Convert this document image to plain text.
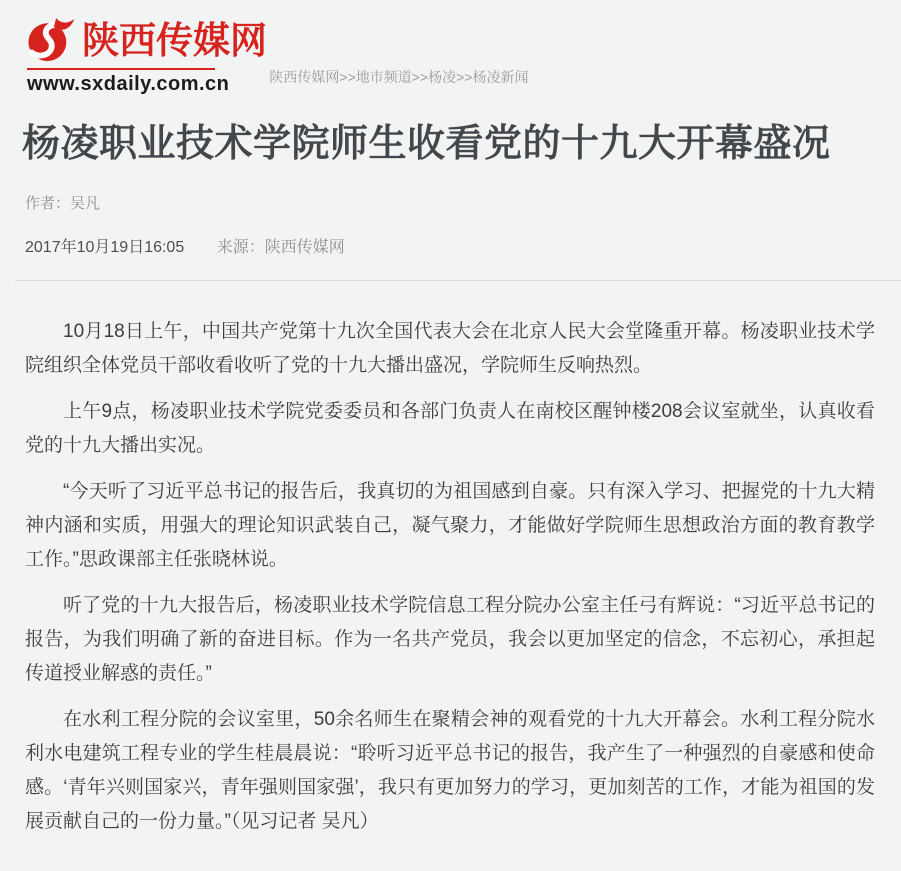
陕西传媒网
www.sxdaily.com.cn	陕西传媒网>>地市频道>>杨凌>>杨凌新闻
杨凌职业技术学院师生收看党的十九大开幕盛况
作者：吴凡
2017年10月19日16:05 来源：陕西传媒网

10月18日上午，中国共产党第十九次全国代表大会在北京人民大会堂隆重开幕。杨凌职业技术学院组织全体党员干部收看收听了党的十九大播出盛况，学院师生反响热烈。

上午9点，杨凌职业技术学院党委委员和各部门负责人在南校区醒钟楼208会议室就坐，认真收看党的十九大播出实况。

“今天听了习近平总书记的报告后，我真切的为祖国感到自豪。只有深入学习、把握党的十九大精神内涵和实质，用强大的理论知识武装自己，凝气聚力，才能做好学院师生思想政治方面的教育教学工作。”思政课部主任张晓林说。

听了党的十九大报告后，杨凌职业技术学院信息工程分院办公室主任弓有辉说：“习近平总书记的报告，为我们明确了新的奋进目标。作为一名共产党员，我会以更加坚定的信念，不忘初心，承担起传道授业解惑的责任。”

在水利工程分院的会议室里，50余名师生在聚精会神的观看党的十九大开幕会。水利工程分院水利水电建筑工程专业的学生桂晨晨说：“聆听习近平总书记的报告，我产生了一种强烈的自豪感和使命感。‘青年兴则国家兴，青年强则国家强’，我只有更加努力的学习，更加刻苦的工作，才能为祖国的发展贡献自己的一份力量。”（见习记者 吴凡）
